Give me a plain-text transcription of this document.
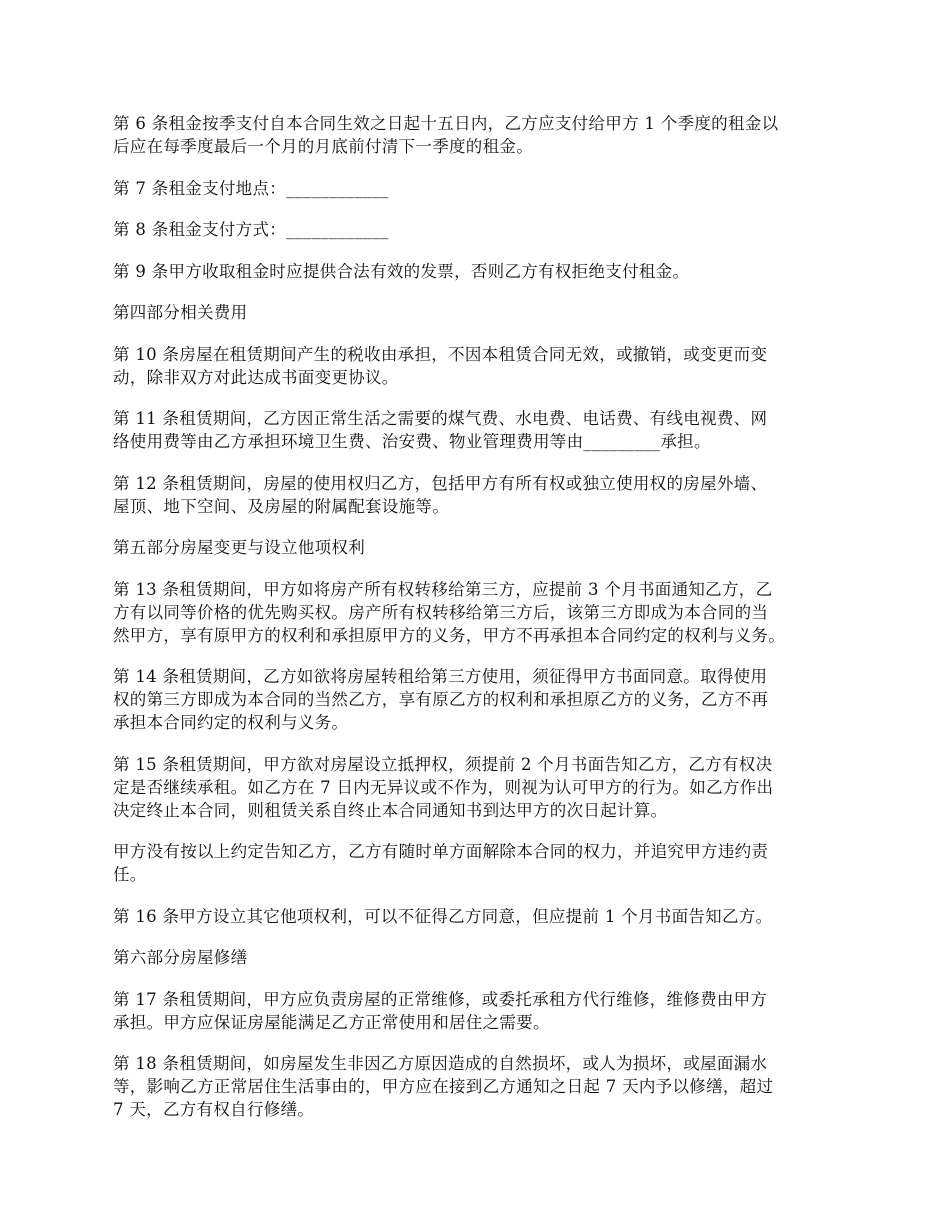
第 6 条租金按季支付自本合同生效之日起十五日内，乙方应支付给甲方 1 个季度的租金以
后应在每季度最后一个月的月底前付清下一季度的租金。

第 7 条租金支付地点：____________

第 8 条租金支付方式：____________

第 9 条甲方收取租金时应提供合法有效的发票，否则乙方有权拒绝支付租金。

第四部分相关费用

第 10 条房屋在租赁期间产生的税收由承担，不因本租赁合同无效，或撤销，或变更而变
动，除非双方对此达成书面变更协议。

第 11 条租赁期间，乙方因正常生活之需要的煤气费、水电费、电话费、有线电视费、网
络使用费等由乙方承担环境卫生费、治安费、物业管理费用等由_________承担。

第 12 条租赁期间，房屋的使用权归乙方，包括甲方有所有权或独立使用权的房屋外墙、
屋顶、地下空间、及房屋的附属配套设施等。

第五部分房屋变更与设立他项权利

第 13 条租赁期间，甲方如将房产所有权转移给第三方，应提前 3 个月书面通知乙方，乙
方有以同等价格的优先购买权。房产所有权转移给第三方后，该第三方即成为本合同的当
然甲方，享有原甲方的权利和承担原甲方的义务，甲方不再承担本合同约定的权利与义务。

第 14 条租赁期间，乙方如欲将房屋转租给第三方使用，须征得甲方书面同意。取得使用
权的第三方即成为本合同的当然乙方，享有原乙方的权利和承担原乙方的义务，乙方不再
承担本合同约定的权利与义务。

第 15 条租赁期间，甲方欲对房屋设立抵押权，须提前 2 个月书面告知乙方，乙方有权决
定是否继续承租。如乙方在 7 日内无异议或不作为，则视为认可甲方的行为。如乙方作出
决定终止本合同，则租赁关系自终止本合同通知书到达甲方的次日起计算。

甲方没有按以上约定告知乙方，乙方有随时单方面解除本合同的权力，并追究甲方违约责
任。

第 16 条甲方设立其它他项权利，可以不征得乙方同意，但应提前 1 个月书面告知乙方。

第六部分房屋修缮

第 17 条租赁期间，甲方应负责房屋的正常维修，或委托承租方代行维修，维修费由甲方
承担。甲方应保证房屋能满足乙方正常使用和居住之需要。

第 18 条租赁期间，如房屋发生非因乙方原因造成的自然损坏，或人为损坏，或屋面漏水
等，影响乙方正常居住生活事由的，甲方应在接到乙方通知之日起 7 天内予以修缮，超过
7 天，乙方有权自行修缮。
